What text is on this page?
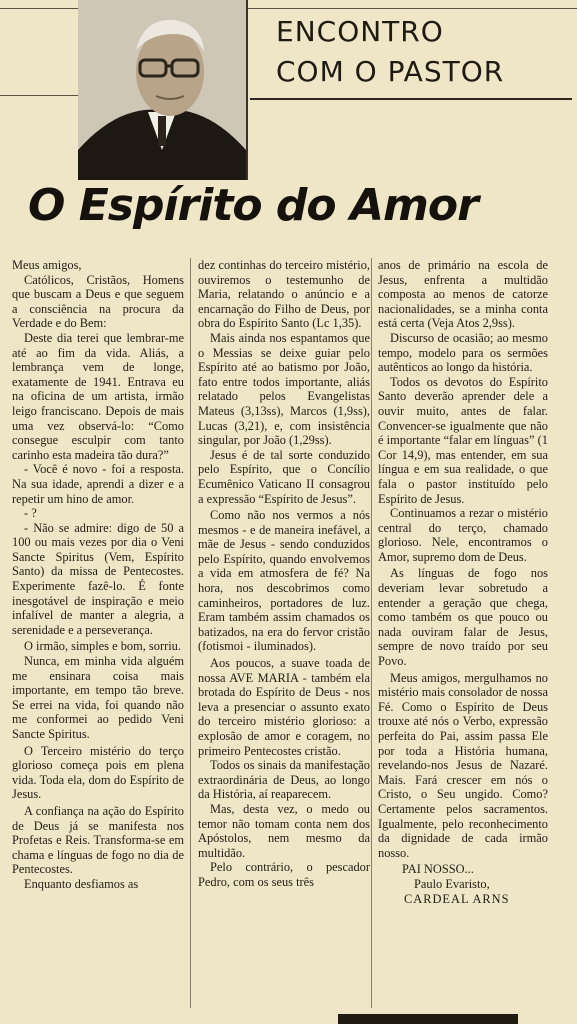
ENCONTRO
COM O PASTOR
O Espírito do Amor

Meus amigos,

Católicos, Cristãos, Homens que buscam a Deus e que seguem a consciência na procura da Verdade e do Bem:

Deste dia terei que lembrar-me até ao fim da vida. Aliás, a lembrança vem de longe, exatamente de 1941. Entrava eu na oficina de um artista, irmão leigo franciscano. Depois de mais uma vez observá-lo: “Como consegue esculpir com tanto carinho esta madeira tão dura?”

- Você é novo - foi a resposta. Na sua idade, aprendi a dizer e a repetir um hino de amor.

- ?

- Não se admire: digo de 50 a 100 ou mais vezes por dia o Veni Sancte Spiritus (Vem, Espírito Santo) da missa de Pentecostes. Experimente fazê-lo. É fonte inesgotável de inspiração e meio infalível de manter a alegria, a serenidade e a perseverança.

O irmão, simples e bom, sorriu.

Nunca, em minha vida alguém me ensinara coisa mais importante, em tempo tão breve. Se errei na vida, foi quando não me conformei ao pedido Veni Sancte Spiritus.

O Terceiro mistério do terço glorioso começa pois em plena vida. Toda ela, dom do Espírito de Jesus.

A confiança na ação do Espírito de Deus já se manifesta nos Profetas e Reis. Transforma-se em chama e línguas de fogo no dia de Pentecostes.

Enquanto desfiamos as

dez continhas do terceiro mistério, ouviremos o testemunho de Maria, relatando o anúncio e a encarnação do Filho de Deus, por obra do Espírito Santo (Lc 1,35).

Mais ainda nos espantamos que o Messias se deixe guiar pelo Espírito até ao batismo por João, fato entre todos importante, aliás relatado pelos Evangelistas Mateus (3,13ss), Marcos (1,9ss), Lucas (3,21), e, com insistência singular, por João (1,29ss).

Jesus é de tal sorte conduzido pelo Espírito, que o Concílio Ecumênico Vaticano II consagrou a expressão “Espírito de Jesus”.

Como não nos vermos a nós mesmos - e de maneira inefável, a mãe de Jesus - sendo conduzidos pelo Espírito, quando envolvemos a vida em atmosfera de fé? Na hora, nos descobrimos como caminheiros, portadores de luz. Eram também assim chamados os batizados, na era do fervor cristão (fotismoi - iluminados).

Aos poucos, a suave toada de nossa AVE MARIA - também ela brotada do Espírito de Deus - nos leva a presenciar o assunto exato do terceiro mistério glorioso: a explosão de amor e coragem, no primeiro Pentecostes cristão.

Todos os sinais da manifestação extraordinária de Deus, ao longo da História, aí reaparecem.

Mas, desta vez, o medo ou temor não tomam conta nem dos Apóstolos, nem mesmo da multidão.

Pelo contrário, o pescador Pedro, com os seus três

anos de primário na escola de Jesus, enfrenta a multidão composta ao menos de catorze nacionalidades, se a minha conta está certa (Veja Atos 2,9ss).

Discurso de ocasião; ao mesmo tempo, modelo para os sermões autênticos ao longo da história.

Todos os devotos do Espírito Santo deverão aprender dele a ouvir muito, antes de falar. Convencer-se igualmente que não é importante “falar em línguas” (1 Cor 14,9), mas entender, em sua língua e em sua realidade, o que fala o pastor instituído pelo Espírito de Jesus.

Continuamos a rezar o mistério central do terço, chamado glorioso. Nele, encontramos o Amor, supremo dom de Deus.

As línguas de fogo nos deveriam levar sobretudo a entender a geração que chega, como também os que pouco ou nada ouviram falar de Jesus, sempre de novo traído por seu Povo.

Meus amigos, mergulhamos no mistério mais consolador de nossa Fé. Como o Espírito de Deus trouxe até nós o Verbo, expressão perfeita do Pai, assim passa Ele por toda a História humana, revelando-nos Jesus de Nazaré. Mais. Fará crescer em nós o Cristo, o Seu ungido. Como? Certamente pelos sacramentos. Igualmente, pelo reconhecimento da dignidade de cada irmão nosso.

PAI NOSSO...

Paulo Evaristo,

CARDEAL ARNS
